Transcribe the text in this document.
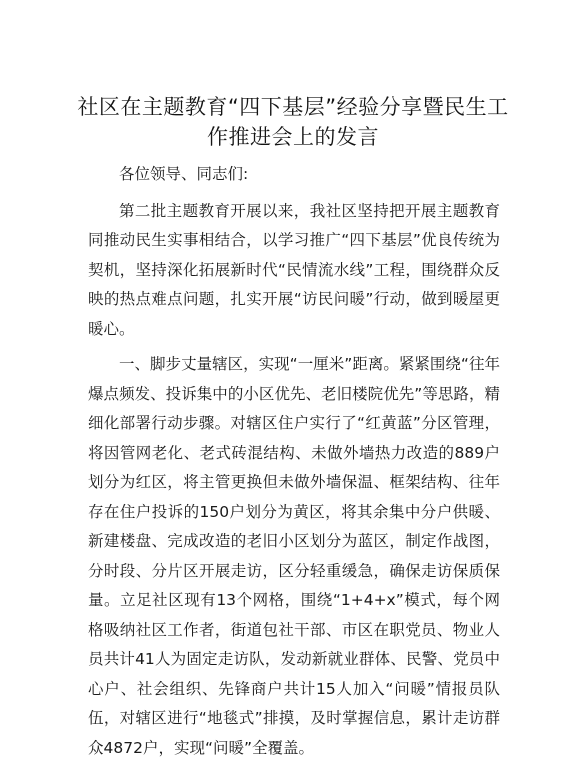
社区在主题教育“四下基层”经验分享暨民生工作推进会上的发言

各位领导、同志们:

第二批主题教育开展以来，我社区坚持把开展主题教育同推动民生实事相结合，以学习推广“四下基层”优良传统为契机，坚持深化拓展新时代“民情流水线”工程，围绕群众反映的热点难点问题，扎实开展“访民问暖”行动，做到暖屋更暖心。

一、脚步丈量辖区，实现“一厘米”距离。紧紧围绕“往年爆点频发、投诉集中的小区优先、老旧楼院优先”等思路，精细化部署行动步骤。对辖区住户实行了“红黄蓝”分区管理，将因管网老化、老式砖混结构、未做外墙热力改造的889户划分为红区，将主管更换但未做外墙保温、框架结构、往年存在住户投诉的150户划分为黄区，将其余集中分户供暖、新建楼盘、完成改造的老旧小区划分为蓝区，制定作战图，分时段、分片区开展走访，区分轻重缓急，确保走访保质保量。立足社区现有13个网格，围绕“1+4+x”模式，每个网格吸纳社区工作者，街道包社干部、市区在职党员、物业人员共计41人为固定走访队，发动新就业群体、民警、党员中心户、社会组织、先锋商户共计15人加入“问暖”情报员队伍，对辖区进行“地毯式”排摸，及时掌握信息，累计走访群众4872户，实现“问暖”全覆盖。
